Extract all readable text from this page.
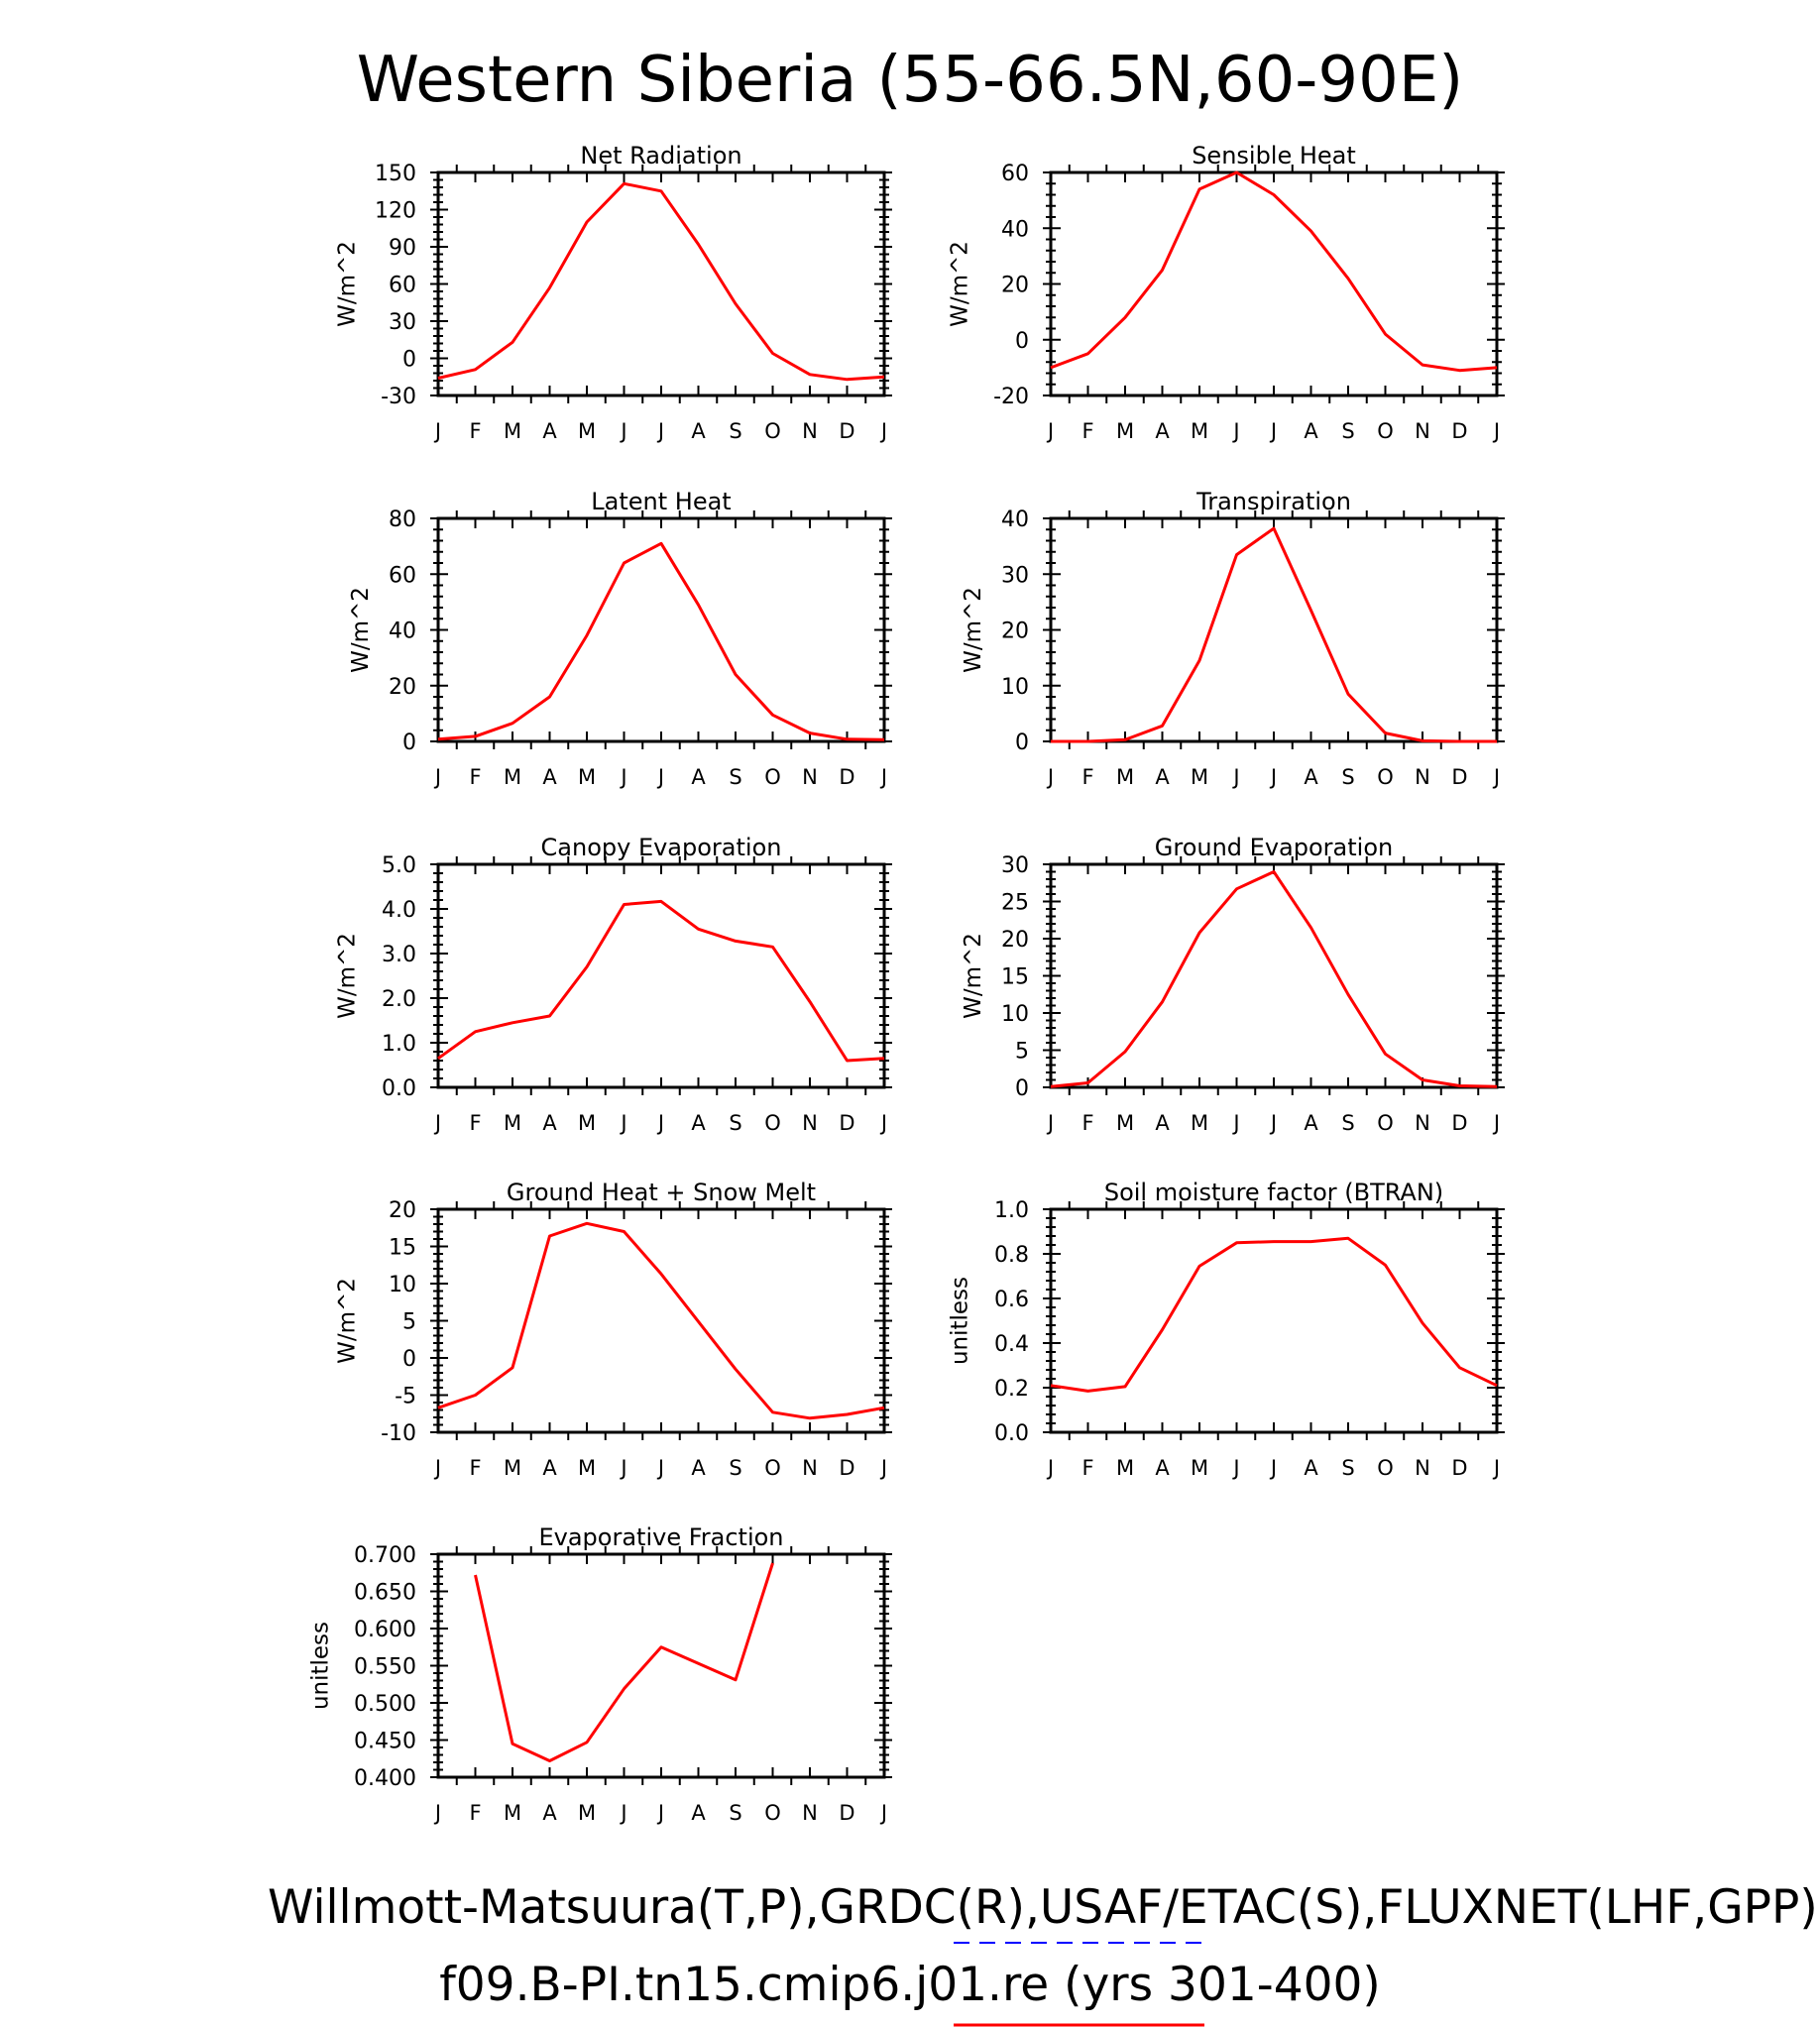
Western Siberia (55-66.5N,60-90E)
Net Radiation
J F M A M J J A S O N D J
-30
0
30
60
90
120
150
W/m^2
Sensible Heat
J F M A M J J A S O N D J
-20
0
20
40
60
W/m^2
Latent Heat
J F M A M J J A S O N D J
0
20
40
60
80
W/m^2
Transpiration
J F M A M J J A S O N D J
0
10
20
30
40
W/m^2
Canopy Evaporation
J F M A M J J A S O N D J
0.0
1.0
2.0
3.0
4.0
5.0
W/m^2
Ground Evaporation
J F M A M J J A S O N D J
0
5
10
15
20
25
30
W/m^2
Ground Heat + Snow Melt
J F M A M J J A S O N D J
-10
-5
0
5
10
15
20
W/m^2
Soil moisture factor (BTRAN)
J F M A M J J A S O N D J
0.0
0.2
0.4
0.6
0.8
1.0
unitless
Evaporative Fraction
J F M A M J J A S O N D J
0.400
0.450
0.500
0.550
0.600
0.650
0.700
unitless
Willmott-Matsuura(T,P),GRDC(R),USAF/ETAC(S),FLUXNET(LHF,GPP)
f09.B-PI.tn15.cmip6.j01.re (yrs 301-400)
